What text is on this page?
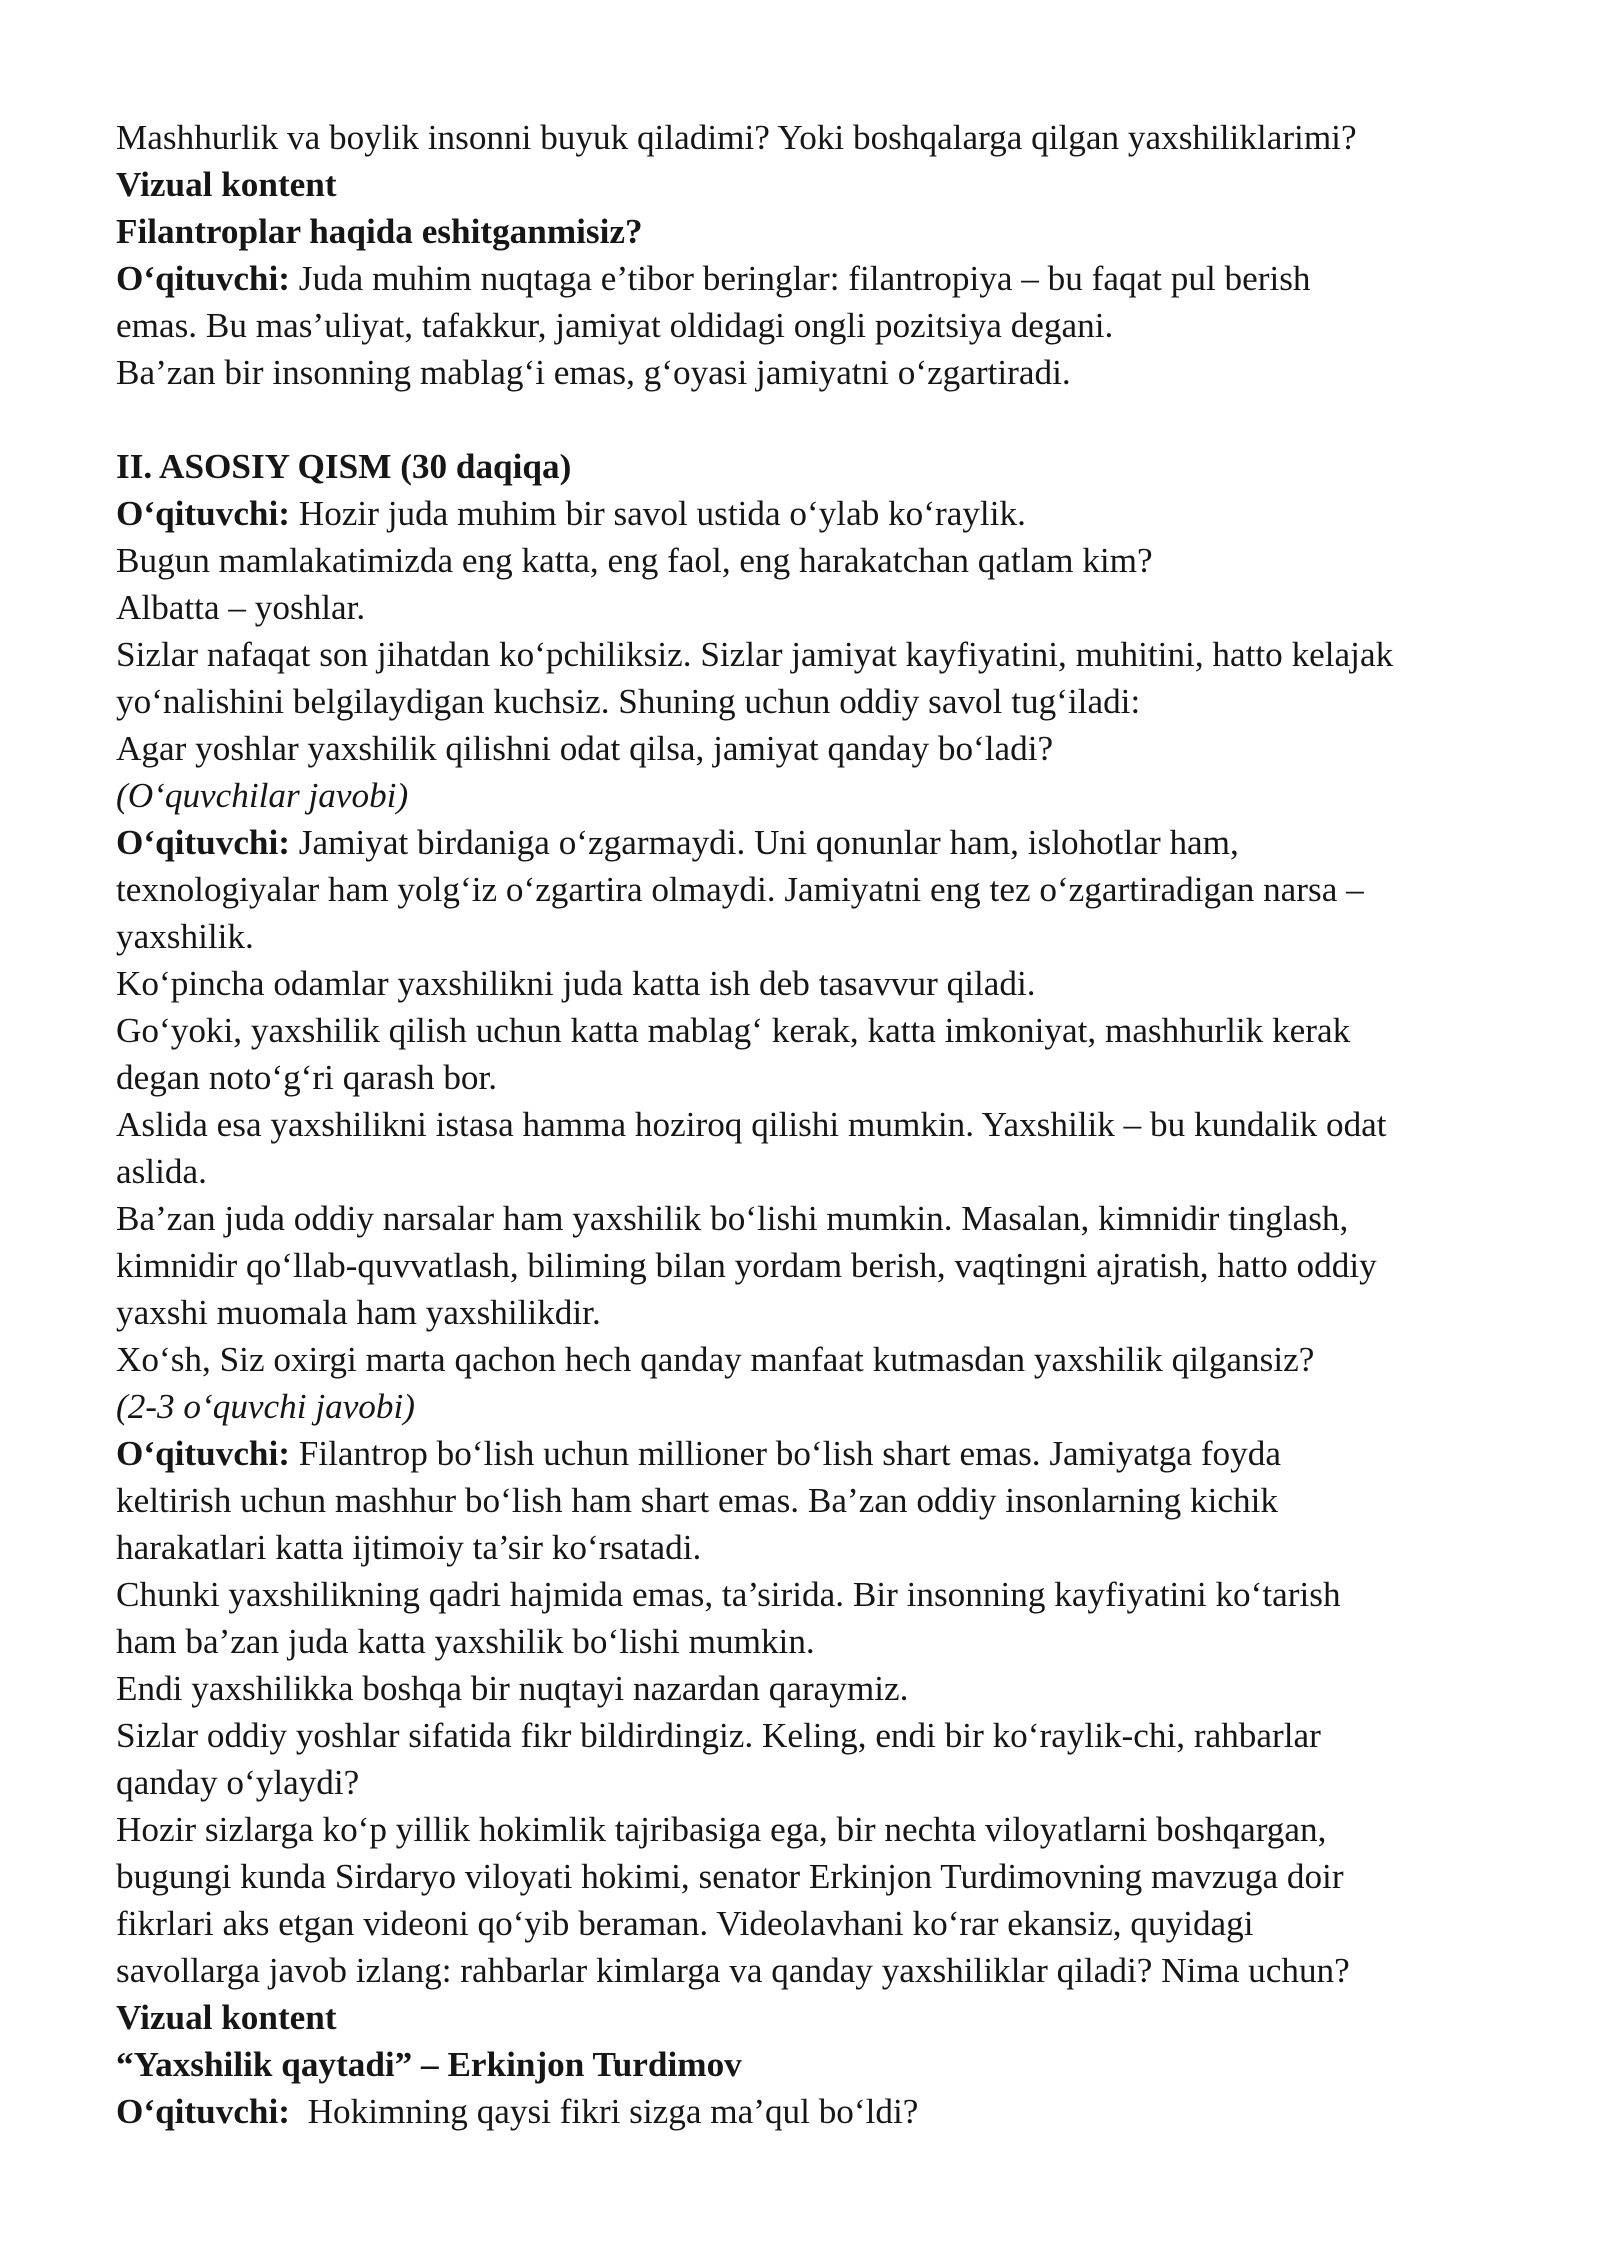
Mashhurlik va boylik insonni buyuk qiladimi? Yoki boshqalarga qilgan yaxshiliklarimi?
Vizual kontent
Filantroplar haqida eshitganmisiz?
O‘qituvchi: Juda muhim nuqtaga e’tibor beringlar: filantropiya – bu faqat pul berish
emas. Bu mas’uliyat, tafakkur, jamiyat oldidagi ongli pozitsiya degani.
Ba’zan bir insonning mablag‘i emas, g‘oyasi jamiyatni o‘zgartiradi.
II. ASOSIY QISM (30 daqiqa)
O‘qituvchi: Hozir juda muhim bir savol ustida o‘ylab ko‘raylik.
Bugun mamlakatimizda eng katta, eng faol, eng harakatchan qatlam kim?
Albatta – yoshlar.
Sizlar nafaqat son jihatdan ko‘pchiliksiz. Sizlar jamiyat kayfiyatini, muhitini, hatto kelajak
yo‘nalishini belgilaydigan kuchsiz. Shuning uchun oddiy savol tug‘iladi:
Agar yoshlar yaxshilik qilishni odat qilsa, jamiyat qanday bo‘ladi?
(O‘quvchilar javobi)
O‘qituvchi: Jamiyat birdaniga o‘zgarmaydi. Uni qonunlar ham, islohotlar ham,
texnologiyalar ham yolg‘iz o‘zgartira olmaydi. Jamiyatni eng tez o‘zgartiradigan narsa –
yaxshilik.
Ko‘pincha odamlar yaxshilikni juda katta ish deb tasavvur qiladi.
Go‘yoki, yaxshilik qilish uchun katta mablag‘ kerak, katta imkoniyat, mashhurlik kerak
degan noto‘g‘ri qarash bor.
Aslida esa yaxshilikni istasa hamma hoziroq qilishi mumkin. Yaxshilik – bu kundalik odat
aslida.
Ba’zan juda oddiy narsalar ham yaxshilik bo‘lishi mumkin. Masalan, kimnidir tinglash,
kimnidir qo‘llab-quvvatlash, biliming bilan yordam berish, vaqtingni ajratish, hatto oddiy
yaxshi muomala ham yaxshilikdir.
Xo‘sh, Siz oxirgi marta qachon hech qanday manfaat kutmasdan yaxshilik qilgansiz?
(2-3 o‘quvchi javobi)
O‘qituvchi: Filantrop bo‘lish uchun millioner bo‘lish shart emas. Jamiyatga foyda
keltirish uchun mashhur bo‘lish ham shart emas. Ba’zan oddiy insonlarning kichik
harakatlari katta ijtimoiy ta’sir ko‘rsatadi.
Chunki yaxshilikning qadri hajmida emas, ta’sirida. Bir insonning kayfiyatini ko‘tarish
ham ba’zan juda katta yaxshilik bo‘lishi mumkin.
Endi yaxshilikka boshqa bir nuqtayi nazardan qaraymiz.
Sizlar oddiy yoshlar sifatida fikr bildirdingiz. Keling, endi bir ko‘raylik-chi, rahbarlar
qanday o‘ylaydi?
Hozir sizlarga ko‘p yillik hokimlik tajribasiga ega, bir nechta viloyatlarni boshqargan,
bugungi kunda Sirdaryo viloyati hokimi, senator Erkinjon Turdimovning mavzuga doir
fikrlari aks etgan videoni qo‘yib beraman. Videolavhani ko‘rar ekansiz, quyidagi
savollarga javob izlang: rahbarlar kimlarga va qanday yaxshiliklar qiladi? Nima uchun?
Vizual kontent
“Yaxshilik qaytadi” – Erkinjon Turdimov
O‘qituvchi:  Hokimning qaysi fikri sizga ma’qul bo‘ldi?
